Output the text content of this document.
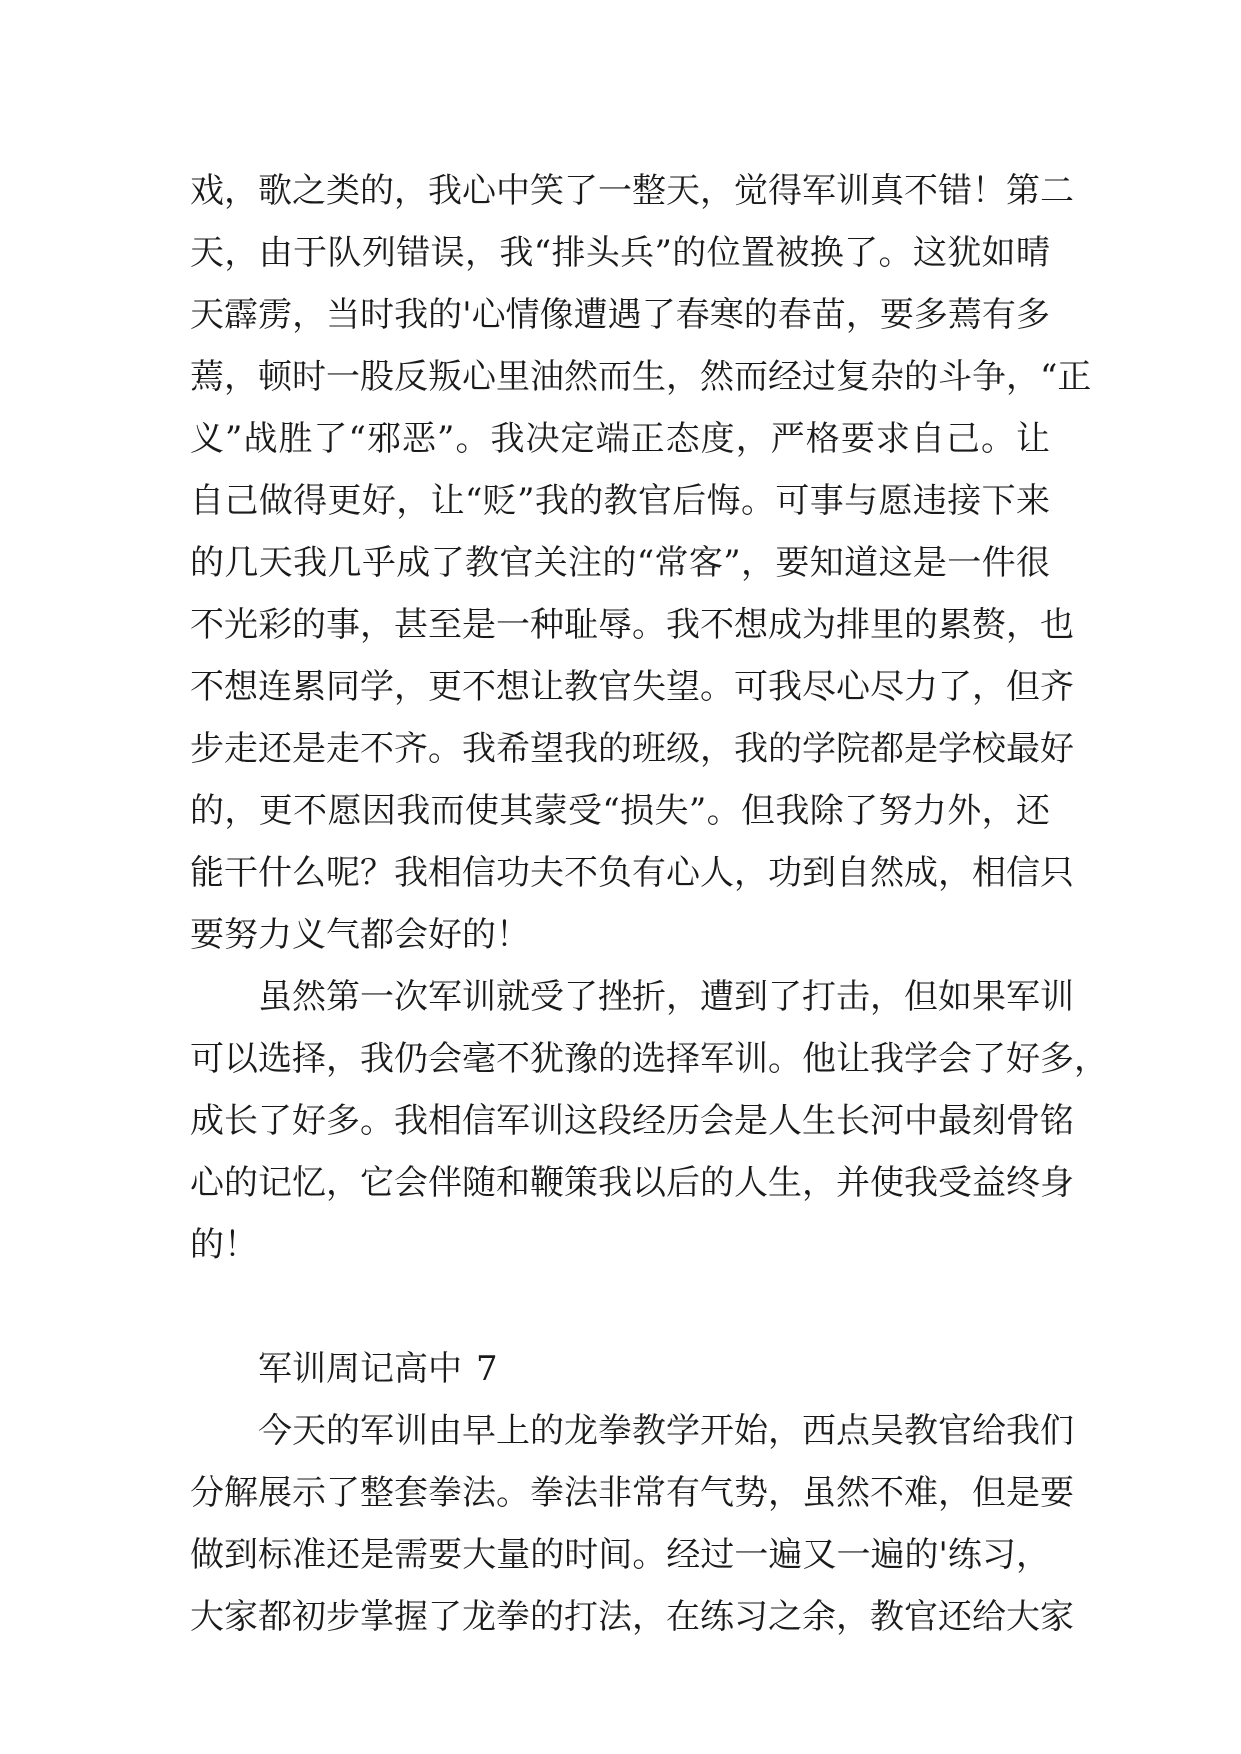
戏，歌之类的，我心中笑了一整天，觉得军训真不错！第二
天，由于队列错误，我“排头兵”的位置被换了。这犹如晴
天霹雳，当时我的'心情像遭遇了春寒的春苗，要多蔫有多
蔫，顿时一股反叛心里油然而生，然而经过复杂的斗争，“正
义”战胜了“邪恶”。我决定端正态度，严格要求自己。让
自己做得更好，让“贬”我的教官后悔。可事与愿违接下来
的几天我几乎成了教官关注的“常客”，要知道这是一件很
不光彩的事，甚至是一种耻辱。我不想成为排里的累赘，也
不想连累同学，更不想让教官失望。可我尽心尽力了，但齐
步走还是走不齐。我希望我的班级，我的学院都是学校最好
的，更不愿因我而使其蒙受“损失”。但我除了努力外，还
能干什么呢？我相信功夫不负有心人，功到自然成，相信只
要努力义气都会好的！
虽然第一次军训就受了挫折，遭到了打击，但如果军训
可以选择，我仍会毫不犹豫的选择军训。他让我学会了好多，
成长了好多。我相信军训这段经历会是人生长河中最刻骨铭
心的记忆，它会伴随和鞭策我以后的人生，并使我受益终身
的！
军训周记高中 7
今天的军训由早上的龙拳教学开始，西点吴教官给我们
分解展示了整套拳法。拳法非常有气势，虽然不难，但是要
做到标准还是需要大量的时间。经过一遍又一遍的'练习，
大家都初步掌握了龙拳的打法，在练习之余，教官还给大家
